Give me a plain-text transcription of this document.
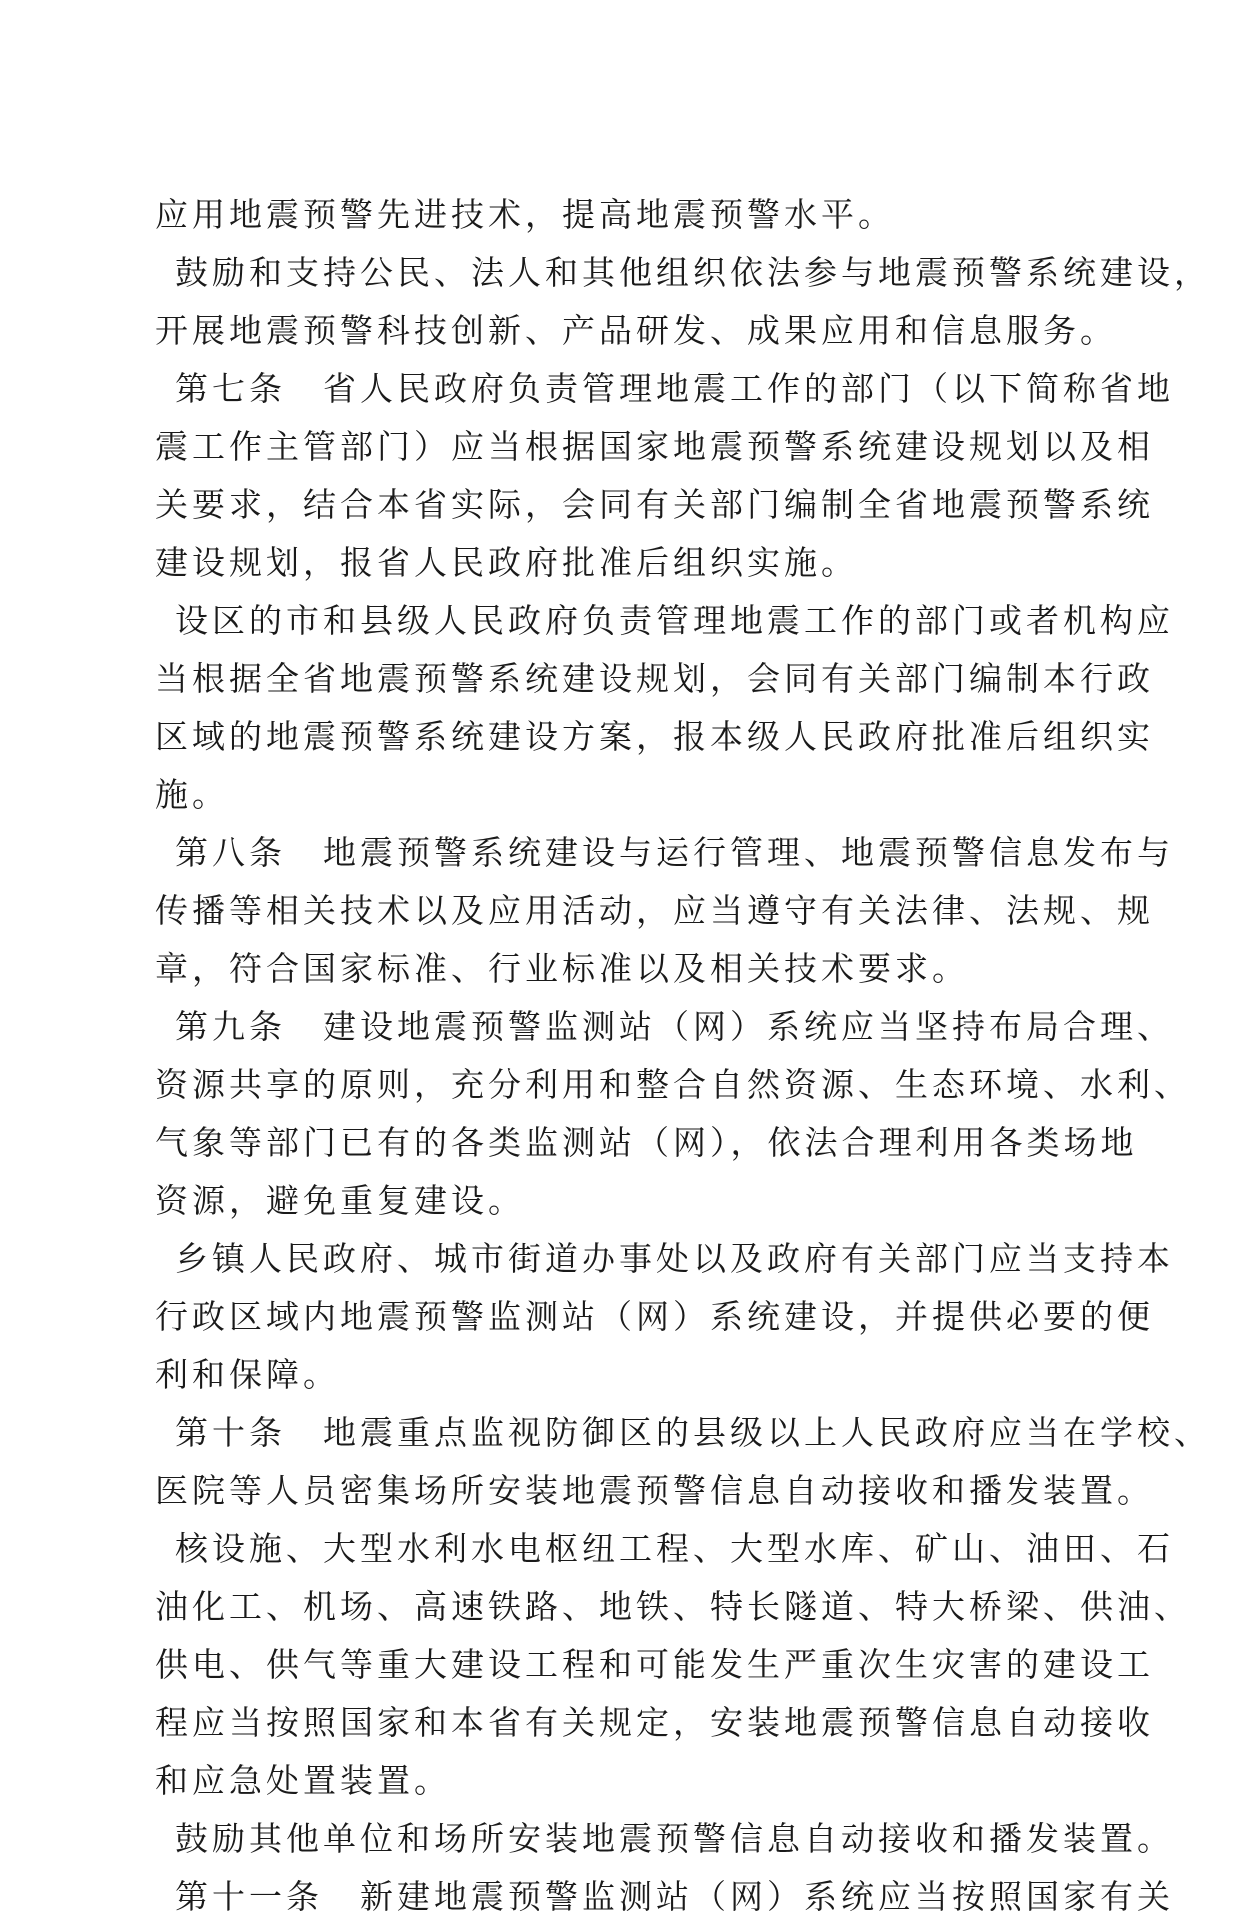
应用地震预警先进技术，提高地震预警水平。
鼓励和支持公民、法人和其他组织依法参与地震预警系统建设，
开展地震预警科技创新、产品研发、成果应用和信息服务。
第七条　省人民政府负责管理地震工作的部门（以下简称省地
震工作主管部门）应当根据国家地震预警系统建设规划以及相
关要求，结合本省实际，会同有关部门编制全省地震预警系统
建设规划，报省人民政府批准后组织实施。
设区的市和县级人民政府负责管理地震工作的部门或者机构应
当根据全省地震预警系统建设规划，会同有关部门编制本行政
区域的地震预警系统建设方案，报本级人民政府批准后组织实
施。
第八条　地震预警系统建设与运行管理、地震预警信息发布与
传播等相关技术以及应用活动，应当遵守有关法律、法规、规
章，符合国家标准、行业标准以及相关技术要求。
第九条　建设地震预警监测站（网）系统应当坚持布局合理、
资源共享的原则，充分利用和整合自然资源、生态环境、水利、
气象等部门已有的各类监测站（网），依法合理利用各类场地
资源，避免重复建设。
乡镇人民政府、城市街道办事处以及政府有关部门应当支持本
行政区域内地震预警监测站（网）系统建设，并提供必要的便
利和保障。
第十条　地震重点监视防御区的县级以上人民政府应当在学校、
医院等人员密集场所安装地震预警信息自动接收和播发装置。
核设施、大型水利水电枢纽工程、大型水库、矿山、油田、石
油化工、机场、高速铁路、地铁、特长隧道、特大桥梁、供油、
供电、供气等重大建设工程和可能发生严重次生灾害的建设工
程应当按照国家和本省有关规定，安装地震预警信息自动接收
和应急处置装置。
鼓励其他单位和场所安装地震预警信息自动接收和播发装置。
第十一条　新建地震预警监测站（网）系统应当按照国家有关
